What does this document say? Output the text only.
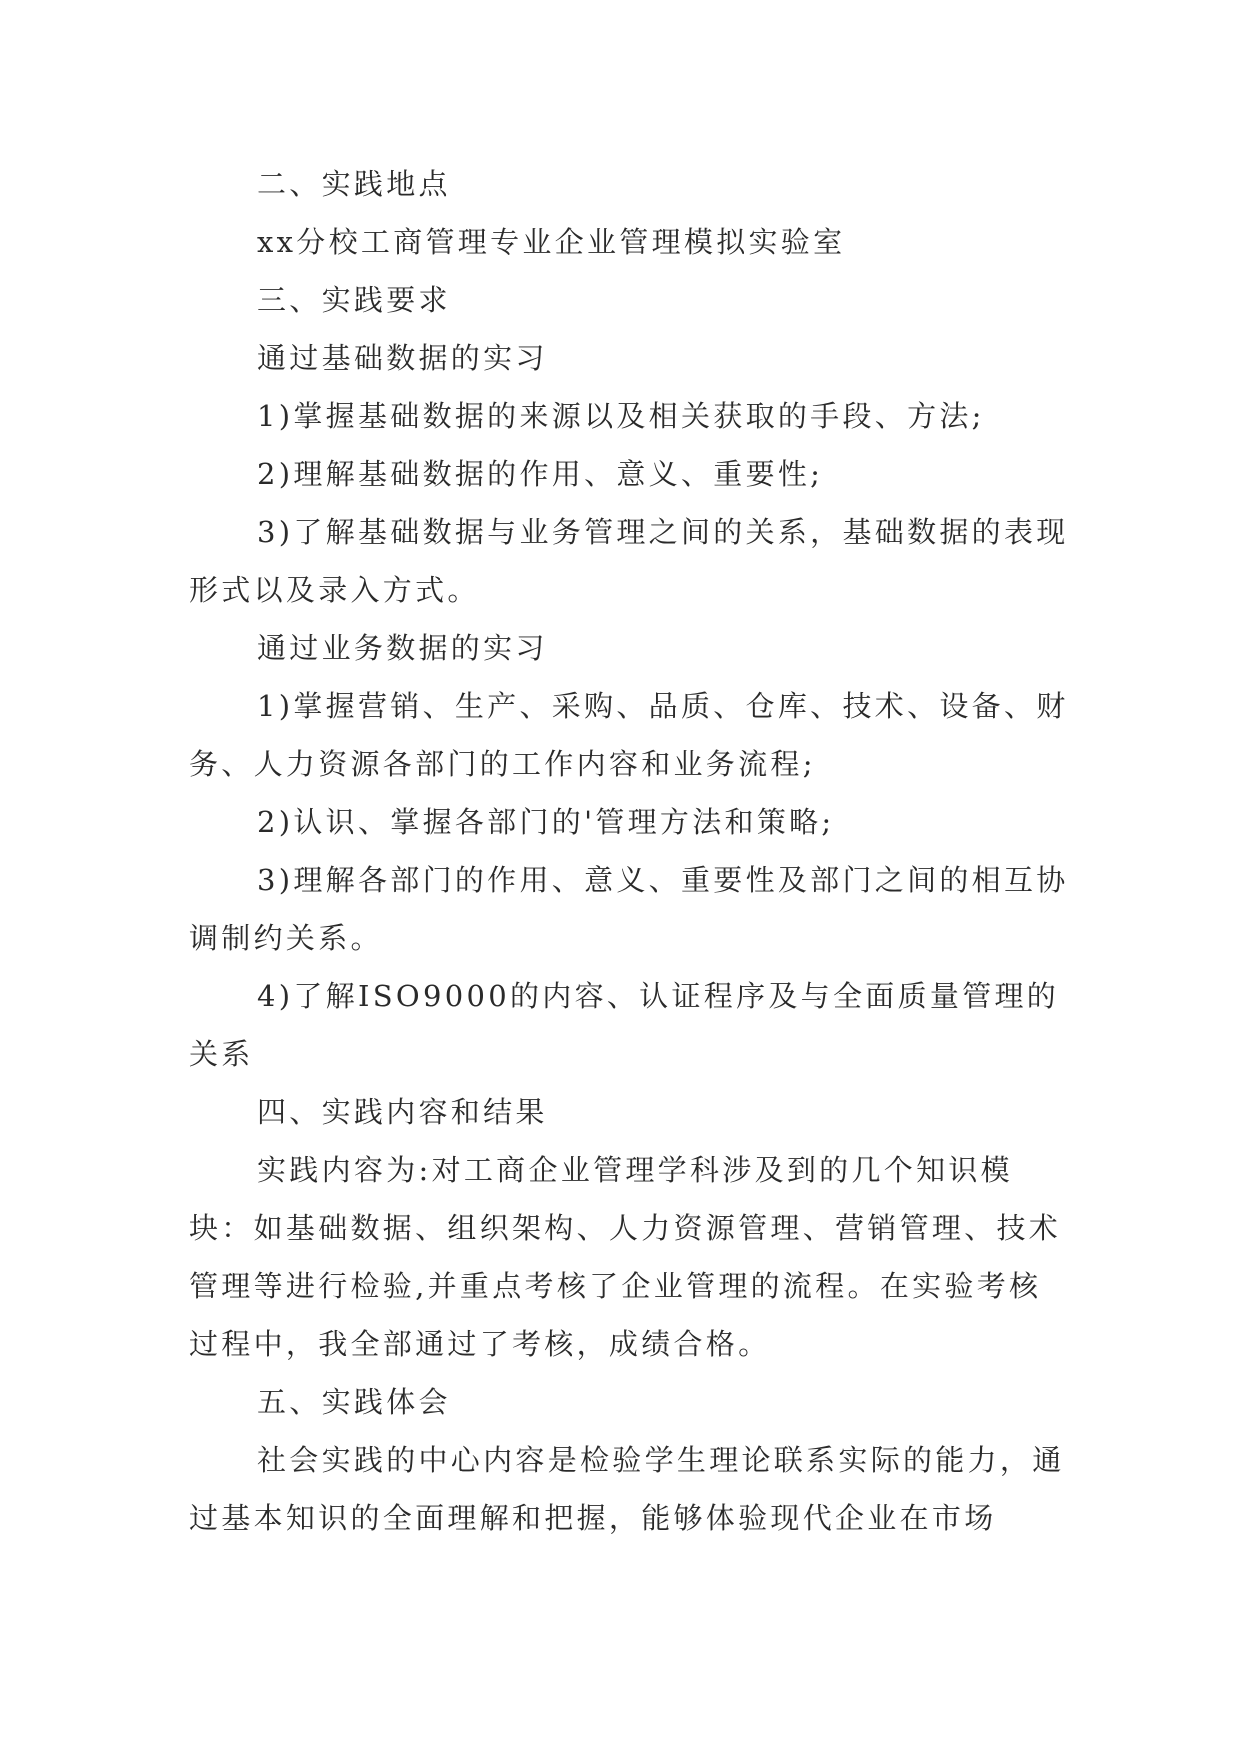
二、实践地点

xx分校工商管理专业企业管理模拟实验室

三、实践要求

通过基础数据的实习

1)掌握基础数据的来源以及相关获取的手段、方法;

2)理解基础数据的作用、意义、重要性;

3)了解基础数据与业务管理之间的关系，基础数据的表现形式以及录入方式。

通过业务数据的实习

1)掌握营销、生产、采购、品质、仓库、技术、设备、财务、人力资源各部门的工作内容和业务流程;

2)认识、掌握各部门的'管理方法和策略;

3)理解各部门的作用、意义、重要性及部门之间的相互协调制约关系。

4)了解ISO9000的内容、认证程序及与全面质量管理的关系

四、实践内容和结果

实践内容为:对工商企业管理学科涉及到的几个知识模块：如基础数据、组织架构、人力资源管理、营销管理、技术管理等进行检验,并重点考核了企业管理的流程。在实验考核过程中，我全部通过了考核，成绩合格。

五、实践体会

社会实践的中心内容是检验学生理论联系实际的能力，通过基本知识的全面理解和把握，能够体验现代企业在市场
